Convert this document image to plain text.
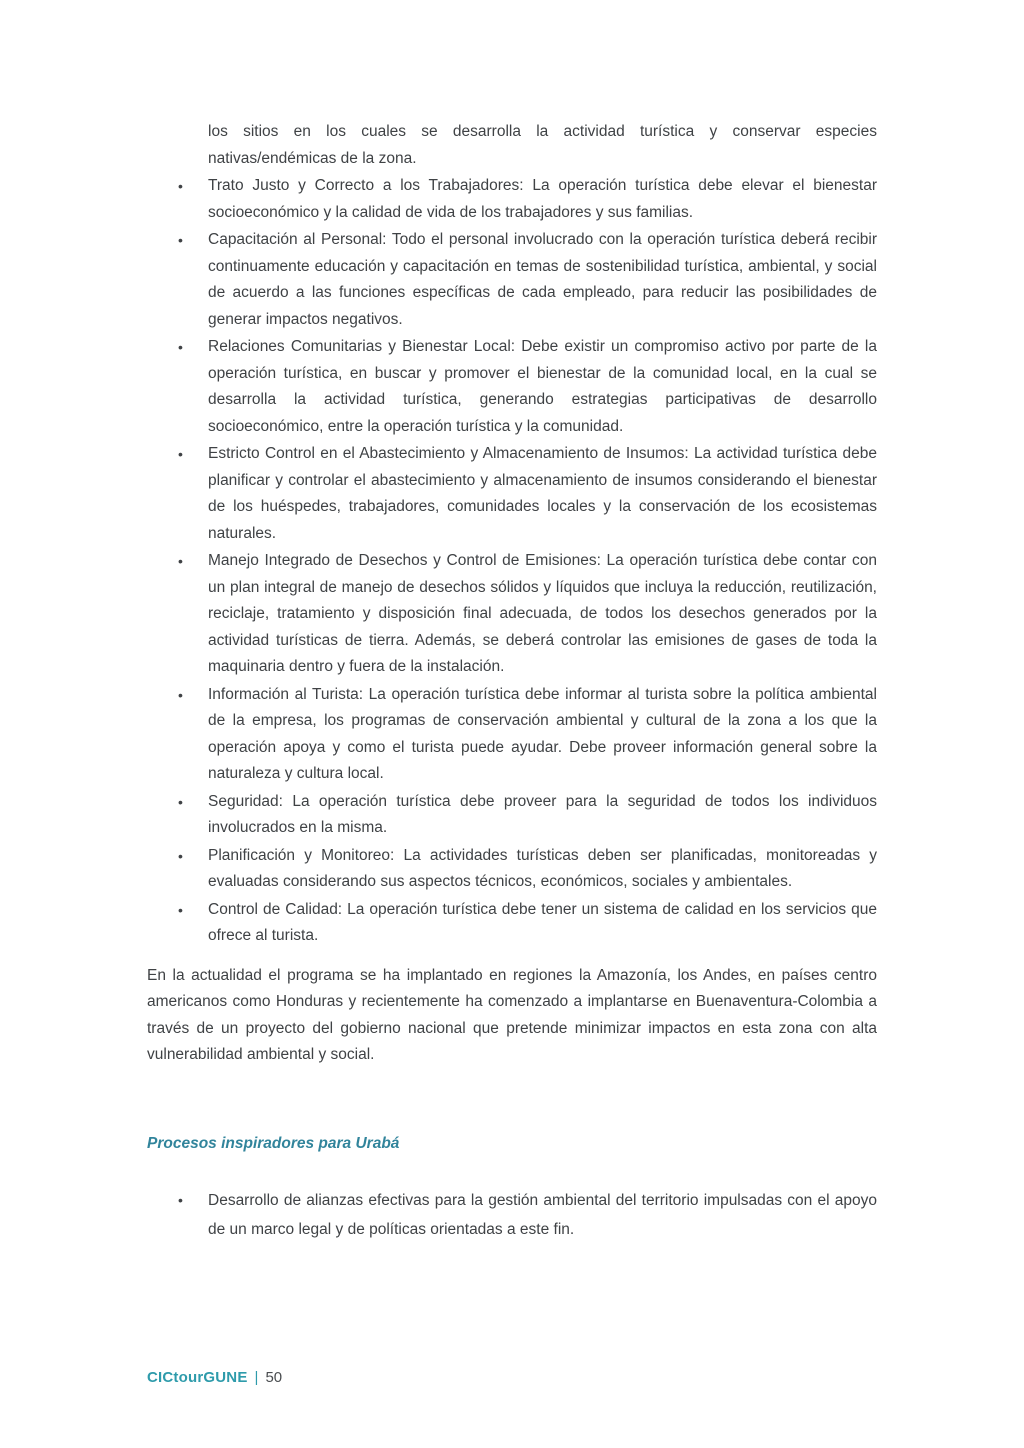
los sitios en los cuales se desarrolla la actividad turística y conservar especies nativas/endémicas de la zona.

• Trato Justo y Correcto a los Trabajadores: La operación turística debe elevar el bienestar socioeconómico y la calidad de vida de los trabajadores y sus familias.
• Capacitación al Personal: Todo el personal involucrado con la operación turística deberá recibir continuamente educación y capacitación en temas de sostenibilidad turística, ambiental, y social de acuerdo a las funciones específicas de cada empleado, para reducir las posibilidades de generar impactos negativos.
• Relaciones Comunitarias y Bienestar Local: Debe existir un compromiso activo por parte de la operación turística, en buscar y promover el bienestar de la comunidad local, en la cual se desarrolla la actividad turística, generando estrategias participativas de desarrollo socioeconómico, entre la operación turística y la comunidad.
• Estricto Control en el Abastecimiento y Almacenamiento de Insumos: La actividad turística debe planificar y controlar el abastecimiento y almacenamiento de insumos considerando el bienestar de los huéspedes, trabajadores, comunidades locales y la conservación de los ecosistemas naturales.
• Manejo Integrado de Desechos y Control de Emisiones: La operación turística debe contar con un plan integral de manejo de desechos sólidos y líquidos que incluya la reducción, reutilización, reciclaje, tratamiento y disposición final adecuada, de todos los desechos generados por la actividad turísticas de tierra. Además, se deberá controlar las emisiones de gases de toda la maquinaria dentro y fuera de la instalación.
• Información al Turista: La operación turística debe informar al turista sobre la política ambiental de la empresa, los programas de conservación ambiental y cultural de la zona a los que la operación apoya y como el turista puede ayudar. Debe proveer información general sobre la naturaleza y cultura local.
• Seguridad: La operación turística debe proveer para la seguridad de todos los individuos involucrados en la misma.
• Planificación y Monitoreo: La actividades turísticas deben ser planificadas, monitoreadas y evaluadas considerando sus aspectos técnicos, económicos, sociales y ambientales.
• Control de Calidad: La operación turística debe tener un sistema de calidad en los servicios que ofrece al turista.

En la actualidad el programa se ha implantado en regiones la Amazonía, los Andes, en países centro americanos como Honduras y recientemente ha comenzado a implantarse en Buenaventura-Colombia a través de un proyecto del gobierno nacional que pretende minimizar impactos en esta zona con alta vulnerabilidad ambiental y social.

Procesos inspiradores para Urabá
• Desarrollo de alianzas efectivas para la gestión ambiental del territorio impulsadas con el apoyo de un marco legal y de políticas orientadas a este fin.
CICtourGUNE | 50
